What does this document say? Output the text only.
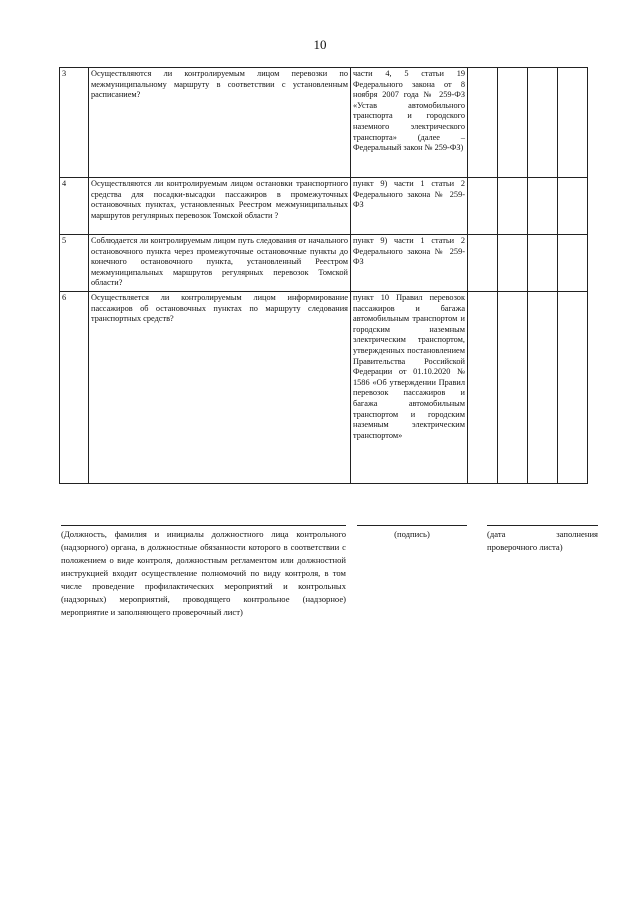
10
3	Осуществляются ли контролируемым лицом перевозки по межмуниципальному маршруту в соответствии с установленным расписанием?	части 4, 5 статьи 19 Федерального закона от 8 ноября 2007 года № 259-ФЗ «Устав автомобильного транспорта и городского наземного электрического транспорта» (далее – Федеральный закон № 259-ФЗ)				
4	Осуществляются ли контролируемым лицом остановки транспортного средства для посадки-высадки пассажиров в промежуточных остановочных пунктах, установленных Реестром межмуниципальных маршрутов регулярных перевозок Томской области ?	пункт 9) части 1 статьи 2 Федерального закона № 259-ФЗ				
5	Соблюдается ли контролируемым лицом путь следования от начального остановочного пункта через промежуточные остановочные пункты до конечного остановочного пункта, установленный Реестром межмуниципальных маршрутов регулярных перевозок Томской области?	пункт 9) части 1 статьи 2 Федерального закона № 259-ФЗ				
6	Осуществляется ли контролируемым лицом информирование пассажиров об остановочных пунктах по маршруту следования транспортных средств?	пункт 10 Правил перевозок пассажиров и багажа автомобильным транспортом и городским наземным электрическим транспортом, утвержденных постановлением Правительства Российской Федерации от 01.10.2020 № 1586 «Об утверждении Правил перевозок пассажиров и багажа автомобильным транспортом и городским наземным электрическим транспортом»				
(Должность, фамилия и инициалы должностного лица контрольного (надзорного) органа, в должностные обязанности которого в соответствии с положением о виде контроля, должностным регламентом или должностной инструкцией входит осуществление полномочий по виду контроля, в том числе проведение профилактических мероприятий и контрольных (надзорных) мероприятий, проводящего контрольное (надзорное) мероприятие и заполняющего проверочный лист)
(подпись)	(дата заполнения проверочного листа)
